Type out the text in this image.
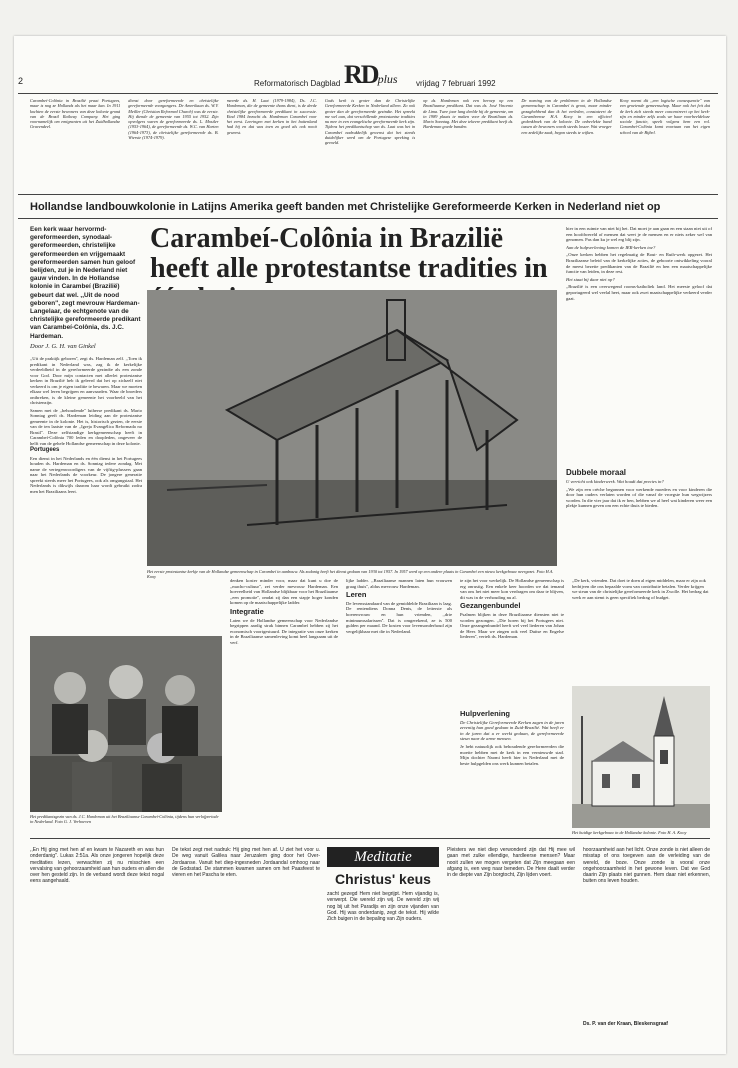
2	Reformatorisch Dagblad RDplus vrijdag 7 februari 1992
Carambeí-Colônia in Brazilië praat Portugees, maar is nog ze Hollands als het maar kan. In 1911 kochten de eerste bewoners van deze kolonie grond van de Brazil Railway Company. Het ging voornamelijk om emigranten uit het Zuidhollandse Gravendeel.
dienst door gereformeerde en christelijke gereformeerde voorgangers. De Amerikaan ds. W.V. Meiller (Christian Reformed Church) was de eerste. Hij diende de gemeente van 1955 tot 1952. Zijn opvolgers waren de gereformeerde ds. L. Mostler (1953-1964), de gereformeerde ds. W.C. van Harten (1964-1973), de christelijke gereformeerde ds. B. Wiersie (1974-1979).
meerde ds. H. Laat (1979-1984), Ds. J.C. Hardeman, die de gemeente thans dient, is de derde christelijke gereformeerde predikant in successie. Eind 1984 bezocht ds. Hardeman Carambeí voor het eerst. Leeringen met kerken in het buitenland had hij en dat was toen zo goed als ook nooit geweest.
Gods kerk is groter dan de Christelijke Gereformeerde Kerken in Nederland alleen. Zo ook groter dan de gereformeerde gezindte. Het spreekt me wel aan, dat verschillende protestantse tradities nu mee in een evangelische gereformeerde kerk zijn. Tijdens het predikantschap van ds. Laat was het in Carambeí nadrukkelijk gewenst dat het steeds duidelijker werd om de Portugese spreking is gevoeld.
op ds. Hardeman ook een beroep op een Braziliaanse predikant. Dat was ds. José Vincente de Lima. Twee jaar lang deelde hij de gemeente, om in 1989 plaats te maken voor de Braziliaan ds. Mario Sonntag. Met deze tekeere predikant heeft ds. Hardeman goede banden.
De noming van de problemen in de Hollandse gemeenschap in Carambeí is groot, maar minder gezaghebbend dan ik het verleden, constateert de Carambeense H.A. Kooy in een officieel gedenkboek van de kolonie. De onbevlekte band tussen de bewoners wordt steeds losser. Wat vroeger een zedelijke zaak, begon steeds te wijken.
Kooy noemt dit ,,een logische consequentie'' van een groeiende gemeenschap. Maar ook het feit dat de kerk zich steeds meer concentreert op het kerk-zijn en minder zelfs zoals we haar voorbeeldeloze sociale functie, speelt volgens hem een rol. Carambeí-Colônia komt voortaan van het eigen school van de Bijbel.
Hollandse landbouwkolonie in Latijns Amerika geeft banden met Christelijke Gereformeerde Kerken in Nederland niet op
Een kerk waar hervormd-gereformeerden, synodaal-gereformeerden, christelijke gereformeerden en vrijgemaakt gereformeerden samen hun geloof belijden, zul je in Nederland niet gauw vinden. In de Hollandse kolonie in Carambeí (Brazilië) gebeurt dat wel. ,,Uit de nood geboren'', zegt mevrouw Hardeman-Langelaar, de echtgenote van de christelijke gereformeerde predikant van Carambeí-Colônia, ds. J.C. Hardeman.
Door J. G. H. van Ginkel

,,Uit de praktijk geboren'', zegt ds. Hardeman zelf. ,,Toen ik predikant in Nederland was, zag ik de kerkelijke verdeeldheid in de gereformeerde gezindte als een zonde voor God. Door mijn contacten met allerlei protestantse kerken in Brazilië heb ik geleerd dat het op zichzelf niet verkeerd is om je eigen traditie te bewaren. Maar we moeten elkaar wel leren begrijpen en aanvaarden. Waar de broeders ontbreken, is de kleine gemeente het voorbeeld van het christenzijn.

Samen met de ,,behoudende'' lutherse predikant ds. Mario Sonntag geeft ds. Hardeman leiding aan de protestantse gemeente in de kolonie. Het is, historisch gezien, de eerste van de ten laatste van de ,,Igreja Evangélica Reformada no Brasil''. Deze zelfstandige kerkgemeenschap heeft in Carambeí-Colônia 700 leden en doopleden, ongeveer de helft van de gehele Hollandse gemeenschap in deze kolonie.

Portugees

Een dienst in het Nederlands en één dienst in het Portugees houden ds. Hardeman en ds. Sonntag iedere zondag. Met name de vertegenwoordigers van de vijftig-plussers gaan naar het Nederlands de voorkeur. De jongere generatie spreekt steeds meer het Portugees, ook als omgangstaal. Het Nederlands is dikwijls daarom haar wordt gebruikt zodra men het Braziliaans leert.

Carambeí-Colônia in Brazilië heeft alle protestantse tradities in
Het eerste protestantse kerkje van de Hollandse gemeenschap in Carambeí in aanbouw. Als zodanig heeft het dienst gedaan van 1930 tot 1957. In 1957 werd op een andere plaats in Carambeí een nieuw kerkgebouw neergezet. Foto H.A. Kooy

hier in een ruimte van niet bij het. Dat moet je aan gaan en een staan niet uit of een hoofdwereld of mensen dat weet je de mensen en er niets zeker wel van genomen. Pas dan ku je wel erg blij zijn.

Aan de hulpverlening komen de IER-kerken toe?

,,Onze kerken hebben het regelmatig de Bout- en Ruth-werk opgezet. Het Braziliaanse beleid van de kerkelijke acties, de geboorte ontwikkeling vooral de meest bezette predikanten van de Brazilië en hen een maatschappelijke functie van leiden, in deze rest.

Het staat bij daar niet op?

,,Brazilië is een overwegend rooms-katholiek land. Het meeste geloof dat geportugeerd wel veelal heet, maar ook zwei maatschappelijke verkeerd verder gaat.

Dubbele moraal

U verricht ook kinderwerk. Wat houdt dat precies in?

,,We zijn een crèche begonnen voor werkende moeders en voor kinderen die door hun ouders verlaten worden of die vanaf de vroegste hun wegwijzers worden. In die vier jaar dat ik er ben, hebben we al heel wat kinderen weer een plekje kunnen geven om een echte thuis te bieden.

Het predikantsgezin van ds. J.C. Hardeman uit het Braziliaanse Carambeí-Colônia, tijdens hun verlofperiode in Nederland. Foto G. J. Verhoeven

denken koster minder voor, maar dat kunt u doe de ,,macho-cultuur'', zei verder mevrouw Hardeman. Een hoeveelheid van Hollandse blijkbaar voor het Braziliaanse ,,een promotie'', omdat zij dan een stapje hoger konden komen op de maatschappelijke ladder.

Integratie

Laten we de Hollandse gemeenschap voor Nederlandse begrippen aardig strak binnen Carambeí hebben zij het economisch voortgestuurd. De integratie van onze kerken in de Braziliaanse samenleving komt heel langzaam uit de verf.

lijke ladder. ,,Braziliaanse mannen laten hun vrouwen graag thuis'', aldus mevrouw Hardeman.

Leren

De levensstandaard van de gemiddelde Braziliaan is laag. De rentendiens Donna Denis, de letterste als boerenvrouw en hun vrienden, ,,drie minimumsalarissen''. Dat is omgerekend, ze is 500 gulden per maand. De kosten voor levensonderhoud zijn vergelijkbaar met die in Nederland.

te zijn het voor werkelijk. De Hollandse gemeenschap is erg onrustig. Een enkele keer hoorden we dat iemand van ons het niet meer kon verdragen om daar te blijven, dit was in de verhouding nu al.

Gezangenbundel

Psalmen blijken in deze Braziliaanse diensten niet te worden gezongen. ,,Die horen bij het Portugees niet. Onze gezangenbundel heeft wel veel liederen van Johan de Heer. Maar we zingen ook veel Duitse en Engelse liederen'', vertelt ds. Hardeman.

,,De kerk, vrienden. Dat doet te doen al eigen middelen, maar er zijn ook bedrijven die ons bepaalde vorm van contributie betalen. Verder krijgen we steun van de christelijke gereformeerde kerk in Zwolle. Het bedrag dat werk er aan stemt is geen specifiek bedrag of budget.

Het huidige kerkgebouw in de Hollandse kolonie. Foto H. A. Kooy
Hulpverlening

De Christelijke Gereformeerde Kerken zagen in de jaren zeventig hun goed gedaan in Zuid-Brazilië. Wat heeft er in de jaren dat u er werkt gedaan, de gereformeerde steun naar de arme mensen.

Je hebt natuurlijk ook behoudende gereformeerden die moeite hebben met de kerk in een vernieuwde stad. Mijn dochter Naomi heeft hier in Nederland met de beste hulpgelden ons werk kunnen betalen.

,,En Hij ging met hen af en kwam te Nazareth en was hun onderdanig''. Lukas 2:51a. Als onze jongeren hopelijk deze meditaties lezen, verwachten zij nu misschien een vervalsing van gehoorzaamheid aan hun ouders en allen die over hen gesteld zijn. In de verband wordt deze tekst nogal eens aangehaald.
De tekst zegt met nadruk: Hij ging met hen af. U ziet het voor u. De weg vanuit Galilea naar Jeruzalem ging door het Over-Jordaanse. Vanuit het diep-ingesneden Jordaandal omhoog naar de Godsstad. De stammen kwamen samen om het Paasfeest te vieren en het Pascha te eten.
Meditatie
Christus' keus
zacht gezegd Hem niet begrijpt. Hem vijandig is, verwerpt. Die wereld zijn wij. De wereld zijn wij nog bij uit het Paradijs en zijn onze vijanden van God. Hij was onderdanig, zegt de tekst. Hij wilde Zich buigen in de bepaling van Zijn ouders.
Pleisters we niet diep verwonderd zijn dat Hij mee wil gaan met zulke ellendige, hardleerse mensen? Maar nooit zullen we mogen vergeten dat Zijn meegaan een afgang is, een weg naar beneden. De Here daalt verder in de diepte van Zijn borgtocht, Zijn lijden voert.
hoorzaamheid aan het licht. Onze zonde is niet alleen de misstap of ons toegeven aan de verleiding van de wereld, de boze. Onze zonde is vooral onze ongehoorzaamheid in het gewone leven. Dat we God daarin Zijn plaats niet gunnen. Hem daar niet erkennen, buiten ons leven houden.
Ds. P. van der Kraan, Bleskensgraaf
